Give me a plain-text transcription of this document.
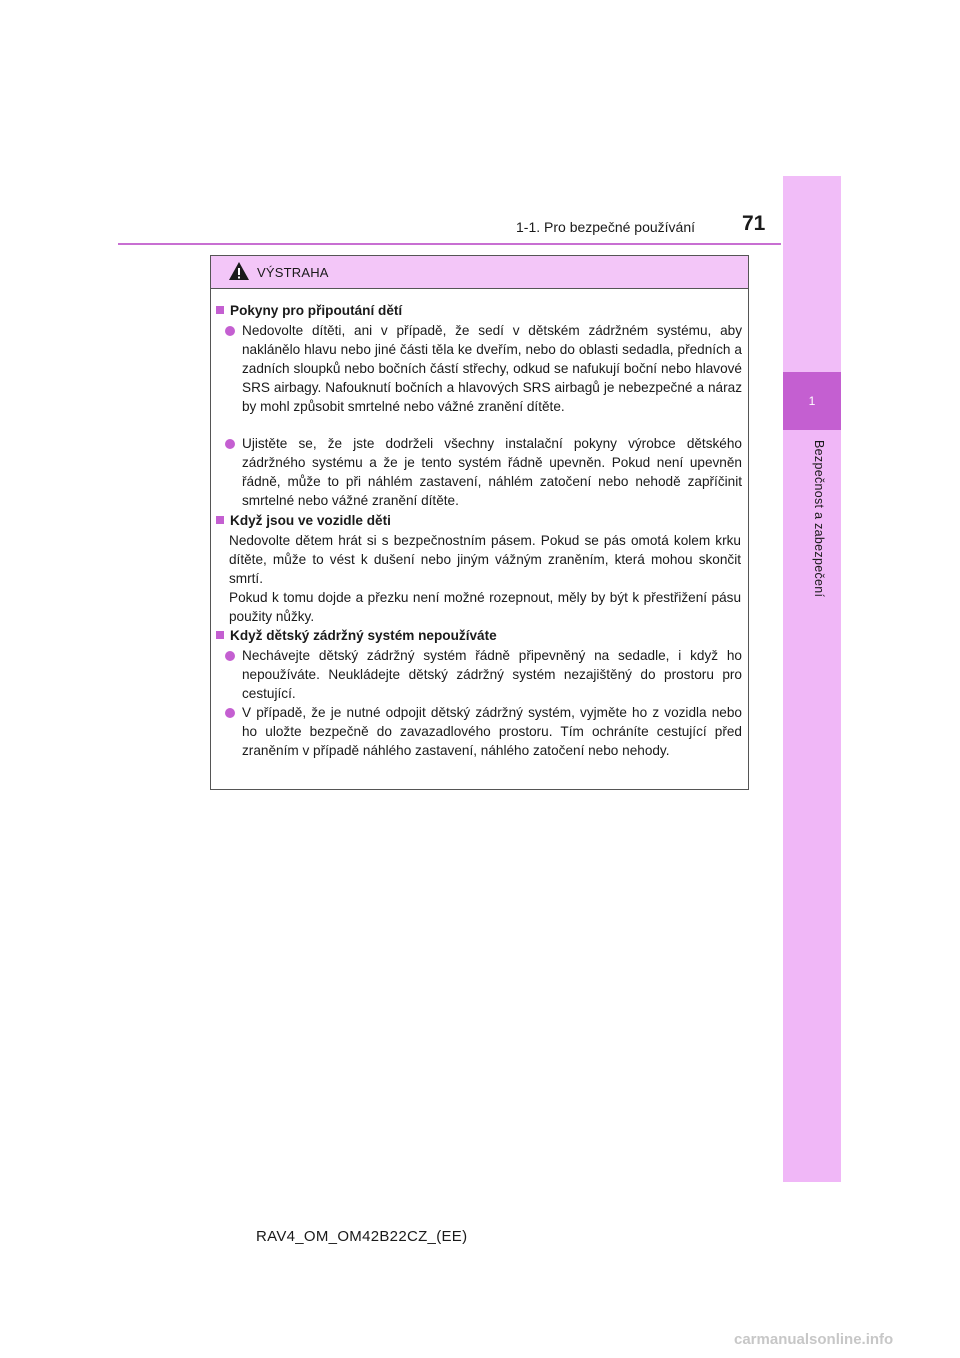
1-1. Pro bezpečné používání 71
1
Bezpečnost a zabezpečení
VÝSTRAHA
Pokyny pro připoutání dětí
Nedovolte dítěti, ani v případě, že sedí v dětském zádržném systému, aby naklánělo hlavu nebo jiné části těla ke dveřím, nebo do oblasti sedadla, předních a zadních sloupků nebo bočních částí střechy, odkud se nafukují boční nebo hlavové SRS airbagy. Nafouknutí bočních a hlavových SRS airbagů je nebezpečné a náraz by mohl způsobit smrtelné nebo vážné zranění dítěte.
Ujistěte se, že jste dodrželi všechny instalační pokyny výrobce dětského zádržného systému a že je tento systém řádně upevněn. Pokud není upevněn řádně, může to při náhlém zastavení, náhlém zatočení nebo nehodě zapříčinit smrtelné nebo vážné zranění dítěte.
Když jsou ve vozidle děti
Nedovolte dětem hrát si s bezpečnostním pásem. Pokud se pás omotá kolem krku dítěte, může to vést k dušení nebo jiným vážným zraněním, která mohou skončit smrtí.
Pokud k tomu dojde a přezku není možné rozepnout, měly by být k přestřižení pásu použity nůžky.
Když dětský zádržný systém nepoužíváte
Nechávejte dětský zádržný systém řádně připevněný na sedadle, i když ho nepoužíváte. Neukládejte dětský zádržný systém nezajištěný do prostoru pro cestující.
V případě, že je nutné odpojit dětský zádržný systém, vyjměte ho z vozidla nebo ho uložte bezpečně do zavazadlového prostoru. Tím ochráníte cestující před zraněním v případě náhlého zastavení, náhlého zatočení nebo nehody.
RAV4_OM_OM42B22CZ_(EE)
carmanualsonline.info
